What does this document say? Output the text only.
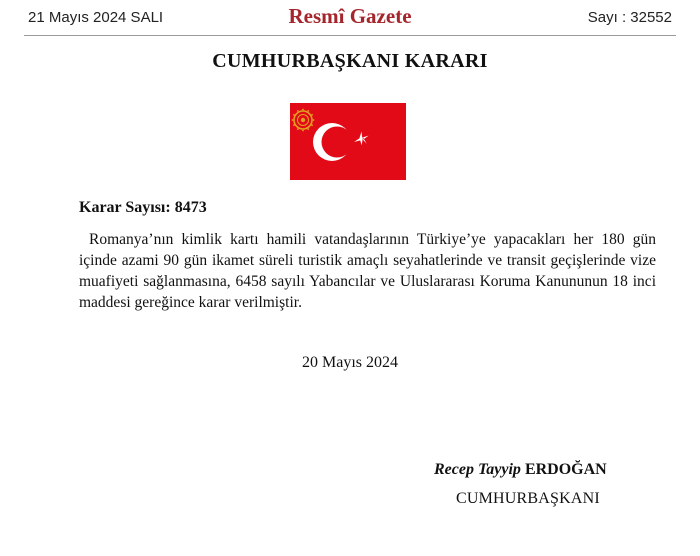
21 Mayıs 2024 SALI	Resmî Gazete	Sayı : 32552
CUMHURBAŞKANI KARARI
Karar Sayısı: 8473

Romanya’nın kimlik kartı hamili vatandaşlarının Türkiye’ye yapacakları her 180 gün içinde azami 90 gün ikamet süreli turistik amaçlı seyahatlerinde ve transit geçişlerinde vize muafiyeti sağlanmasına, 6458 sayılı Yabancılar ve Uluslararası Koruma Kanununun 18 inci maddesi gereğince karar verilmiştir.

20 Mayıs 2024
Recep Tayyip ERDOĞAN
CUMHURBAŞKANI
